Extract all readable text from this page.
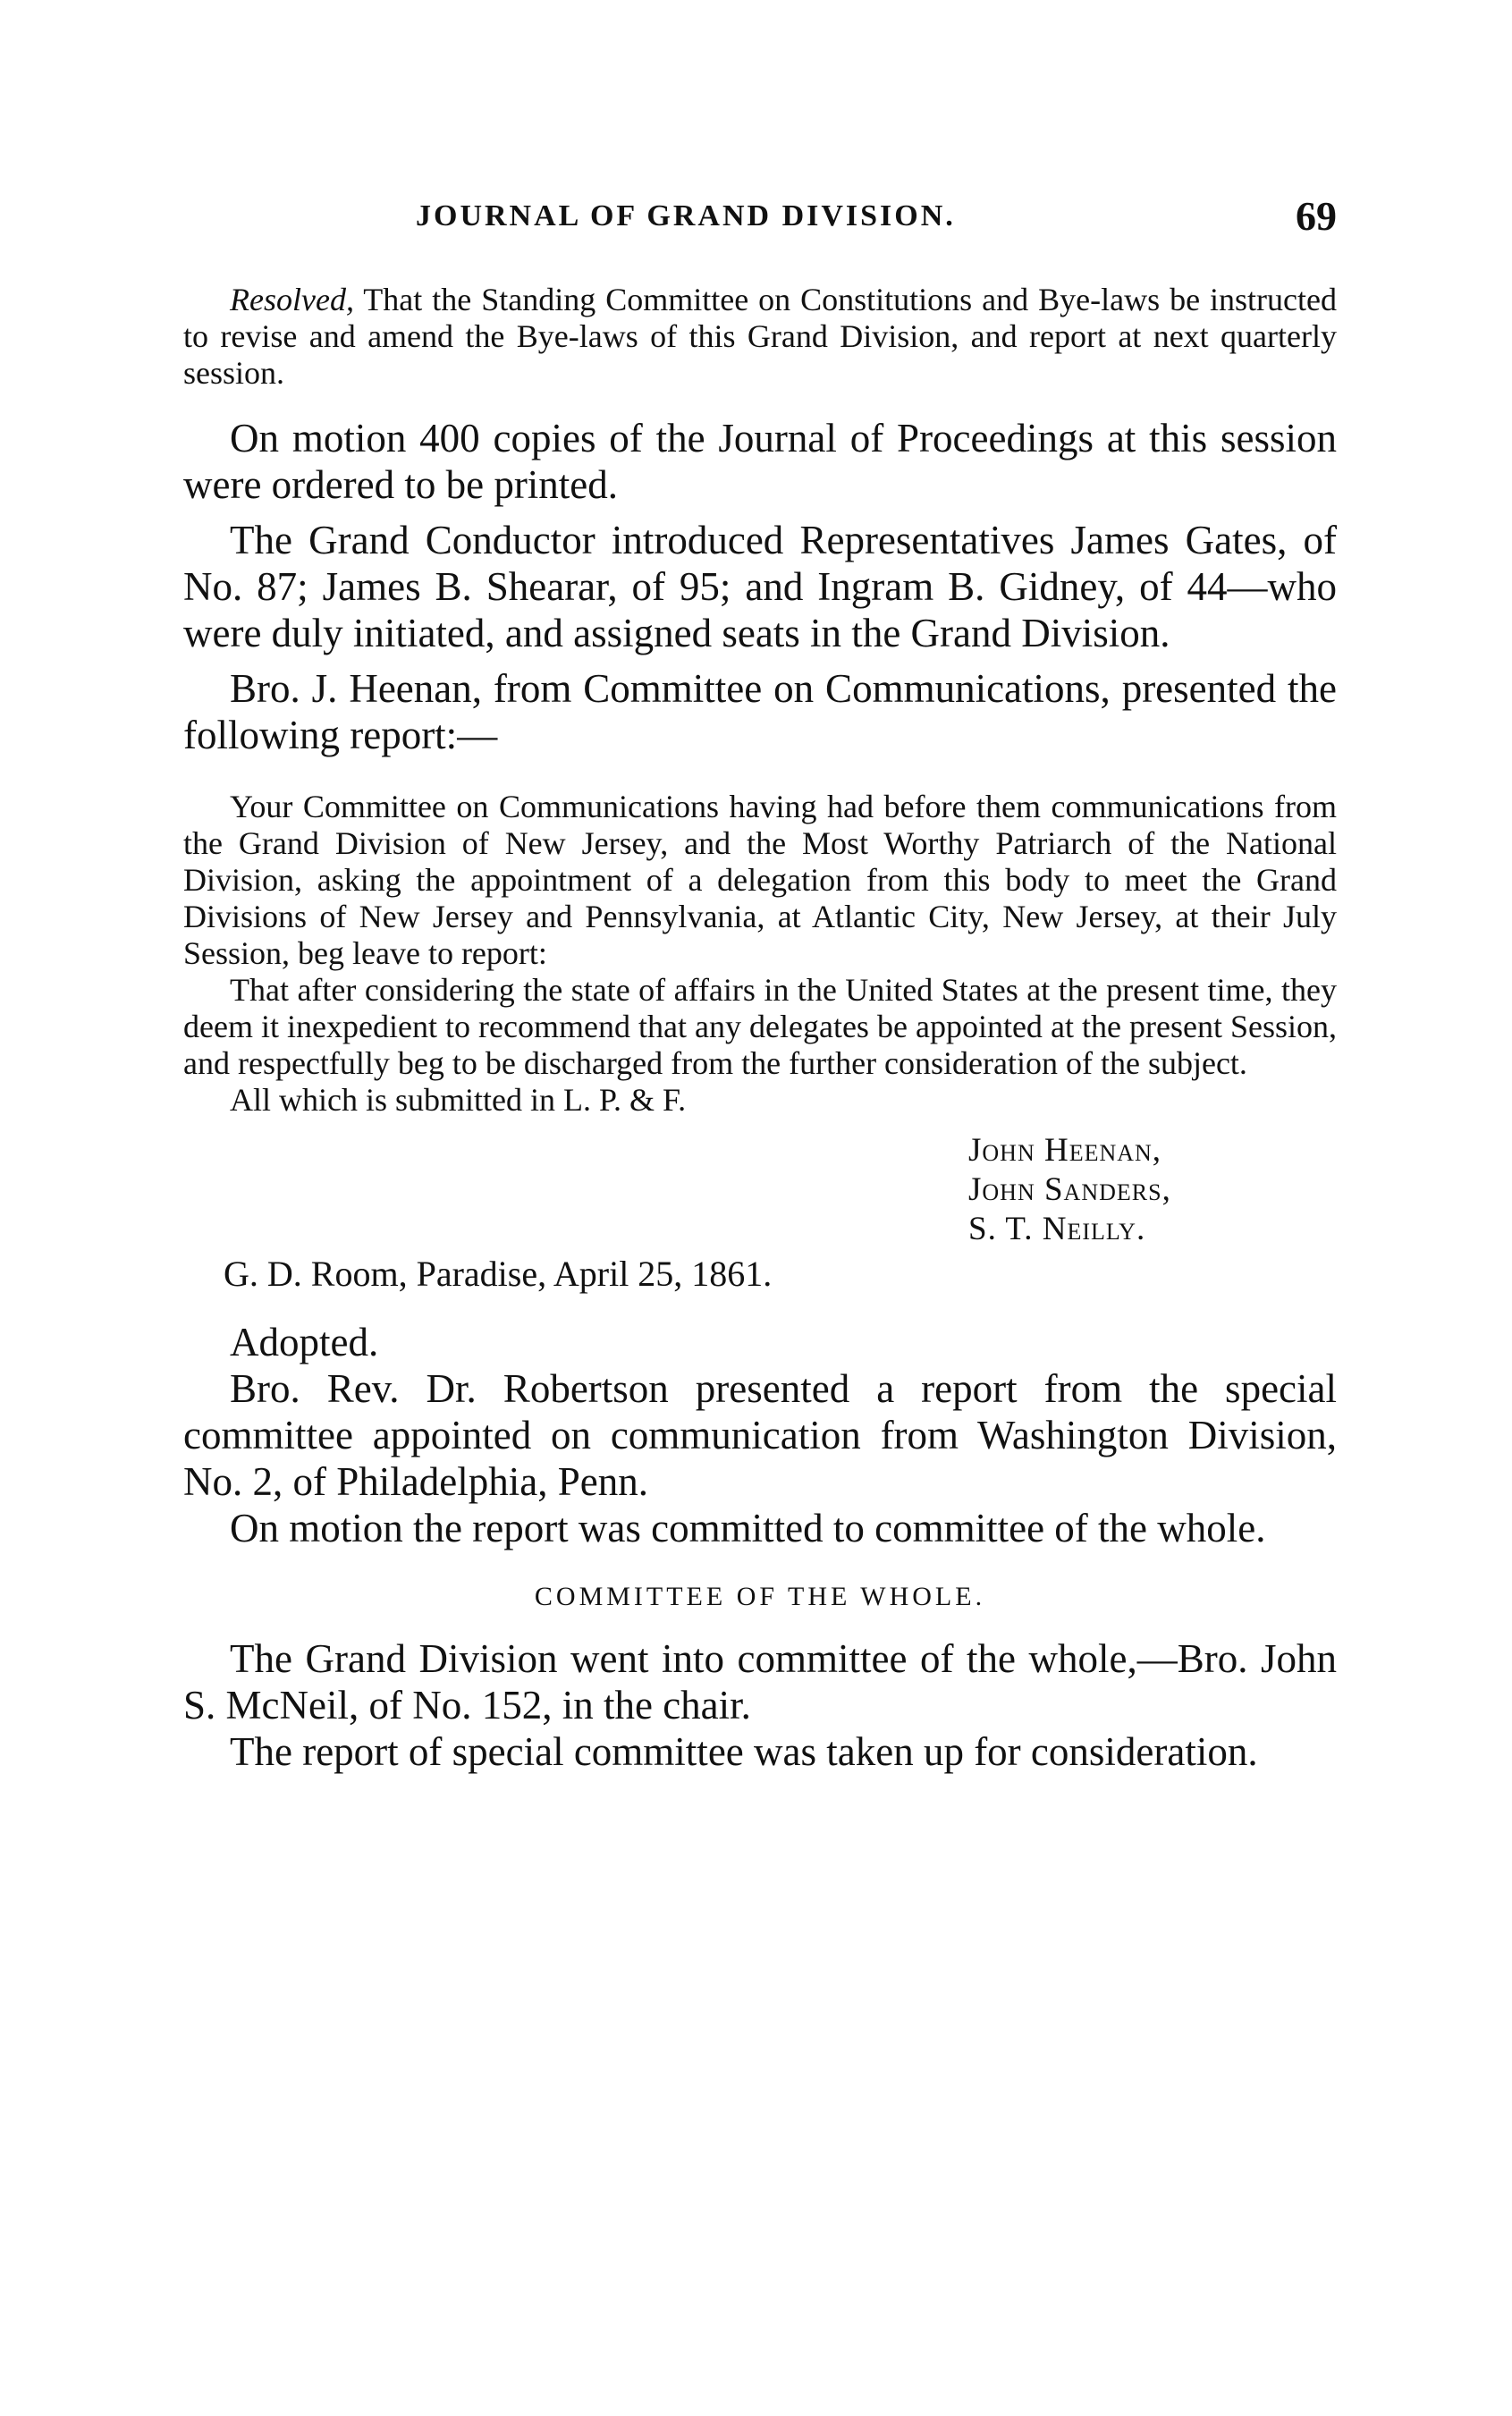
JOURNAL OF GRAND DIVISION.	69

Resolved, That the Standing Committee on Constitutions and Bye-laws be instructed to revise and amend the Bye-laws of this Grand Division, and report at next quarterly session.

On motion 400 copies of the Journal of Proceedings at this session were ordered to be printed.

The Grand Conductor introduced Representatives James Gates, of No. 87; James B. Shearar, of 95; and Ingram B. Gidney, of 44—who were duly initiated, and assigned seats in the Grand Division.

Bro. J. Heenan, from Committee on Communications, presented the following report:—

Your Committee on Communications having had before them communications from the Grand Division of New Jersey, and the Most Worthy Patriarch of the National Division, asking the appointment of a delegation from this body to meet the Grand Divisions of New Jersey and Pennsylvania, at Atlantic City, New Jersey, at their July Session, beg leave to report:

That after considering the state of affairs in the United States at the present time, they deem it inexpedient to recommend that any delegates be appointed at the present Session, and respectfully beg to be discharged from the further consideration of the subject.

All which is submitted in L. P. & F.

John Heenan,
John Sanders,
S. T. Neilly.

G. D. Room, Paradise, April 25, 1861.

Adopted.

Bro. Rev. Dr. Robertson presented a report from the special committee appointed on communication from Washington Division, No. 2, of Philadelphia, Penn.

On motion the report was committed to committee of the whole.

COMMITTEE OF THE WHOLE.

The Grand Division went into committee of the whole,—Bro. John S. McNeil, of No. 152, in the chair.

The report of special committee was taken up for consideration.
